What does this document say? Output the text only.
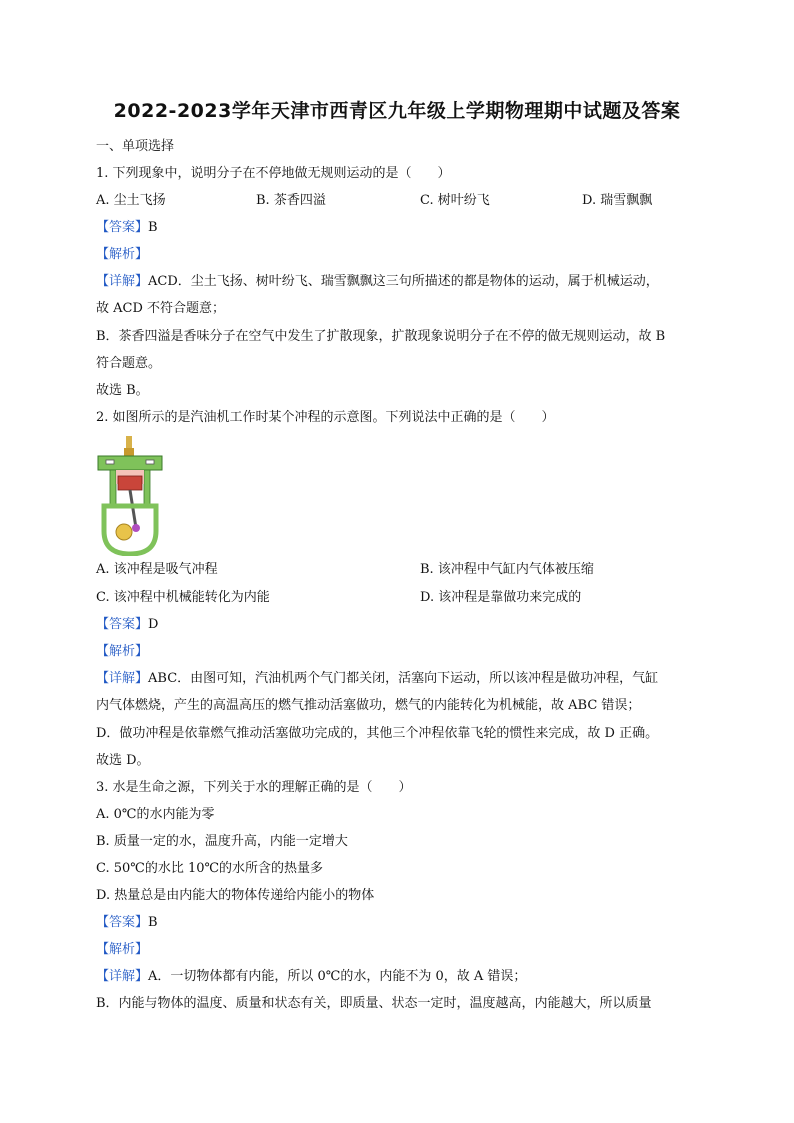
2022-2023学年天津市西青区九年级上学期物理期中试题及答案
一、单项选择
1. 下列现象中，说明分子在不停地做无规则运动的是（　　）
A. 尘土飞扬	B. 茶香四溢	C. 树叶纷飞	D. 瑞雪飘飘
【答案】B
【解析】
【详解】ACD．尘土飞扬、树叶纷飞、瑞雪飘飘这三句所描述的都是物体的运动，属于机械运动，
故 ACD 不符合题意；
B．茶香四溢是香味分子在空气中发生了扩散现象，扩散现象说明分子在不停的做无规则运动，故 B
符合题意。
故选 B。
2. 如图所示的是汽油机工作时某个冲程的示意图。下列说法中正确的是（　　）
A. 该冲程是吸气冲程	B. 该冲程中气缸内气体被压缩
C. 该冲程中机械能转化为内能	D. 该冲程是靠做功来完成的
【答案】D
【解析】
【详解】ABC．由图可知，汽油机两个气门都关闭，活塞向下运动，所以该冲程是做功冲程，气缸
内气体燃烧，产生的高温高压的燃气推动活塞做功，燃气的内能转化为机械能，故 ABC 错误；
D．做功冲程是依靠燃气推动活塞做功完成的，其他三个冲程依靠飞轮的惯性来完成，故 D 正确。
故选 D。
3. 水是生命之源，下列关于水的理解正确的是（　　）
A. 0℃的水内能为零
B. 质量一定的水，温度升高，内能一定增大
C. 50℃的水比 10℃的水所含的热量多
D. 热量总是由内能大的物体传递给内能小的物体
【答案】B
【解析】
【详解】A．一切物体都有内能，所以 0℃的水，内能不为 0，故 A 错误；
B．内能与物体的温度、质量和状态有关，即质量、状态一定时，温度越高，内能越大，所以质量
